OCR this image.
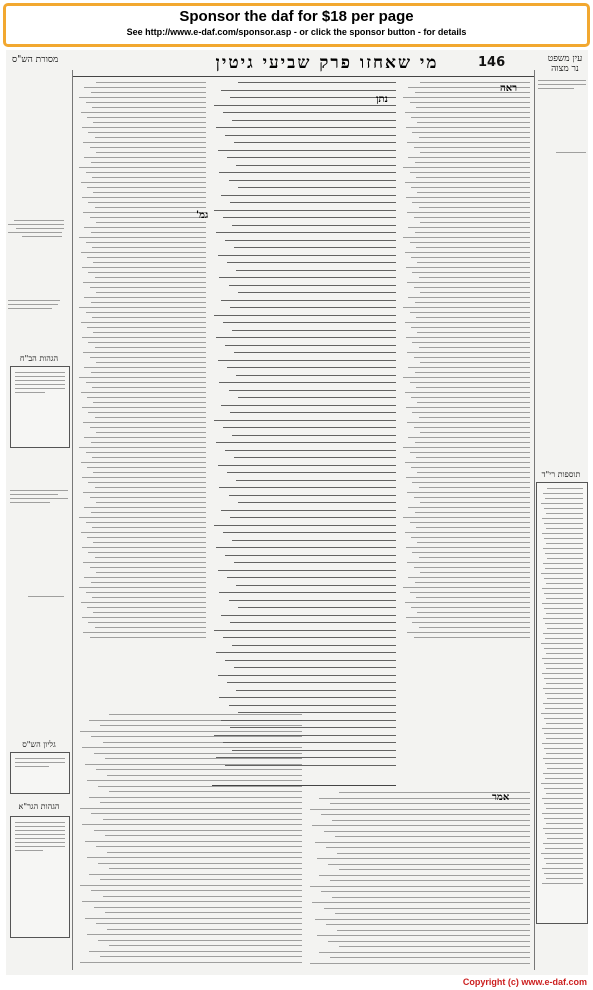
Sponsor the daf for $18 per page
See http://www.e-daf.com/sponsor.asp - or click the sponsor button - for details
מסורת הש"ס	מי שאחזו פרק שביעי גיטין	146	עין משפט נר מצוה
הגהות הב"ח
גליון הש"ס
הגהות הגר"א
תוספות רי"ד
ראה
גמ'
נתן
אמר
Copyright (c) www.e-daf.com
